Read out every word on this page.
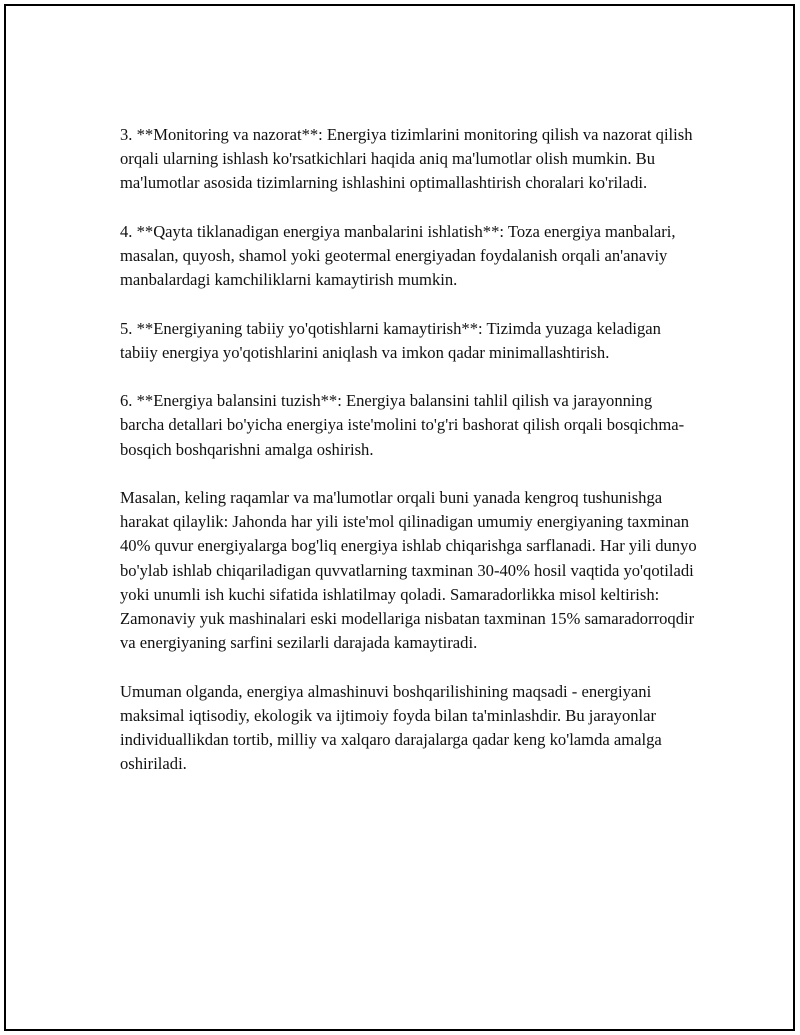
3. **Monitoring va nazorat**: Energiya tizimlarini monitoring qilish va nazorat qilish orqali ularning ishlash ko'rsatkichlari haqida aniq ma'lumotlar olish mumkin. Bu ma'lumotlar asosida tizimlarning ishlashini optimallashtirish choralari ko'riladi.

4. **Qayta tiklanadigan energiya manbalarini ishlatish**: Toza energiya manbalari, masalan, quyosh, shamol yoki geotermal energiyadan foydalanish orqali an'anaviy manbalardagi kamchiliklarni kamaytirish mumkin.

5. **Energiyaning tabiiy yo'qotishlarni kamaytirish**: Tizimda yuzaga keladigan tabiiy energiya yo'qotishlarini aniqlash va imkon qadar minimallashtirish.

6. **Energiya balansini tuzish**: Energiya balansini tahlil qilish va jarayonning barcha detallari bo'yicha energiya iste'molini to'g'ri bashorat qilish orqali bosqichma-bosqich boshqarishni amalga oshirish.

Masalan, keling raqamlar va ma'lumotlar orqali buni yanada kengroq tushunishga harakat qilaylik: Jahonda har yili iste'mol qilinadigan umumiy energiyaning taxminan 40% quvur energiyalarga bog'liq energiya ishlab chiqarishga sarflanadi. Har yili dunyo bo'ylab ishlab chiqariladigan quvvatlarning taxminan 30-40% hosil vaqtida yo'qotiladi yoki unumli ish kuchi sifatida ishlatilmay qoladi. Samaradorlikka misol keltirish: Zamonaviy yuk mashinalari eski modellariga nisbatan taxminan 15% samaradorroqdir va energiyaning sarfini sezilarli darajada kamaytiradi.

Umuman olganda, energiya almashinuvi boshqarilishining maqsadi - energiyani maksimal iqtisodiy, ekologik va ijtimoiy foyda bilan ta'minlashdir. Bu jarayonlar individuallikdan tortib, milliy va xalqaro darajalarga qadar keng ko'lamda amalga oshiriladi.
